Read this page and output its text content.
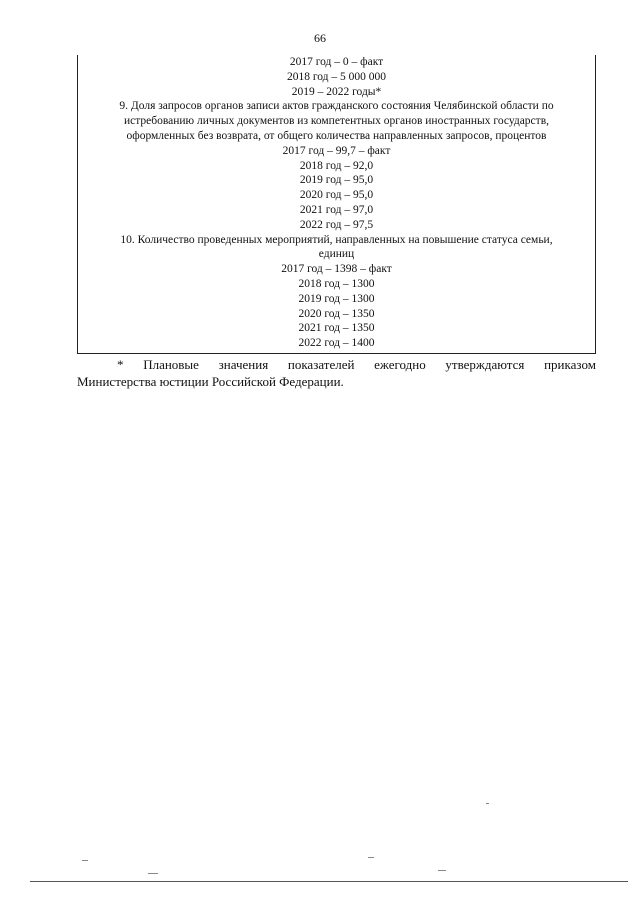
66
2017 год – 0 – факт
2018 год – 5 000 000
2019 – 2022 годы*
9. Доля запросов органов записи актов гражданского состояния Челябинской области по
истребованию личных документов из компетентных органов иностранных государств,
оформленных без возврата, от общего количества направленных запросов, процентов
2017 год – 99,7 – факт
2018 год – 92,0
2019 год – 95,0
2020 год – 95,0
2021 год – 97,0
2022 год – 97,5
10. Количество проведенных мероприятий, направленных на повышение статуса семьи,
единиц
2017 год – 1398 – факт
2018 год – 1300
2019 год – 1300
2020 год – 1350
2021 год – 1350
2022 год – 1400
* Плановые значения показателей ежегодно утверждаются приказом
Министерства юстиции Российской Федерации.
